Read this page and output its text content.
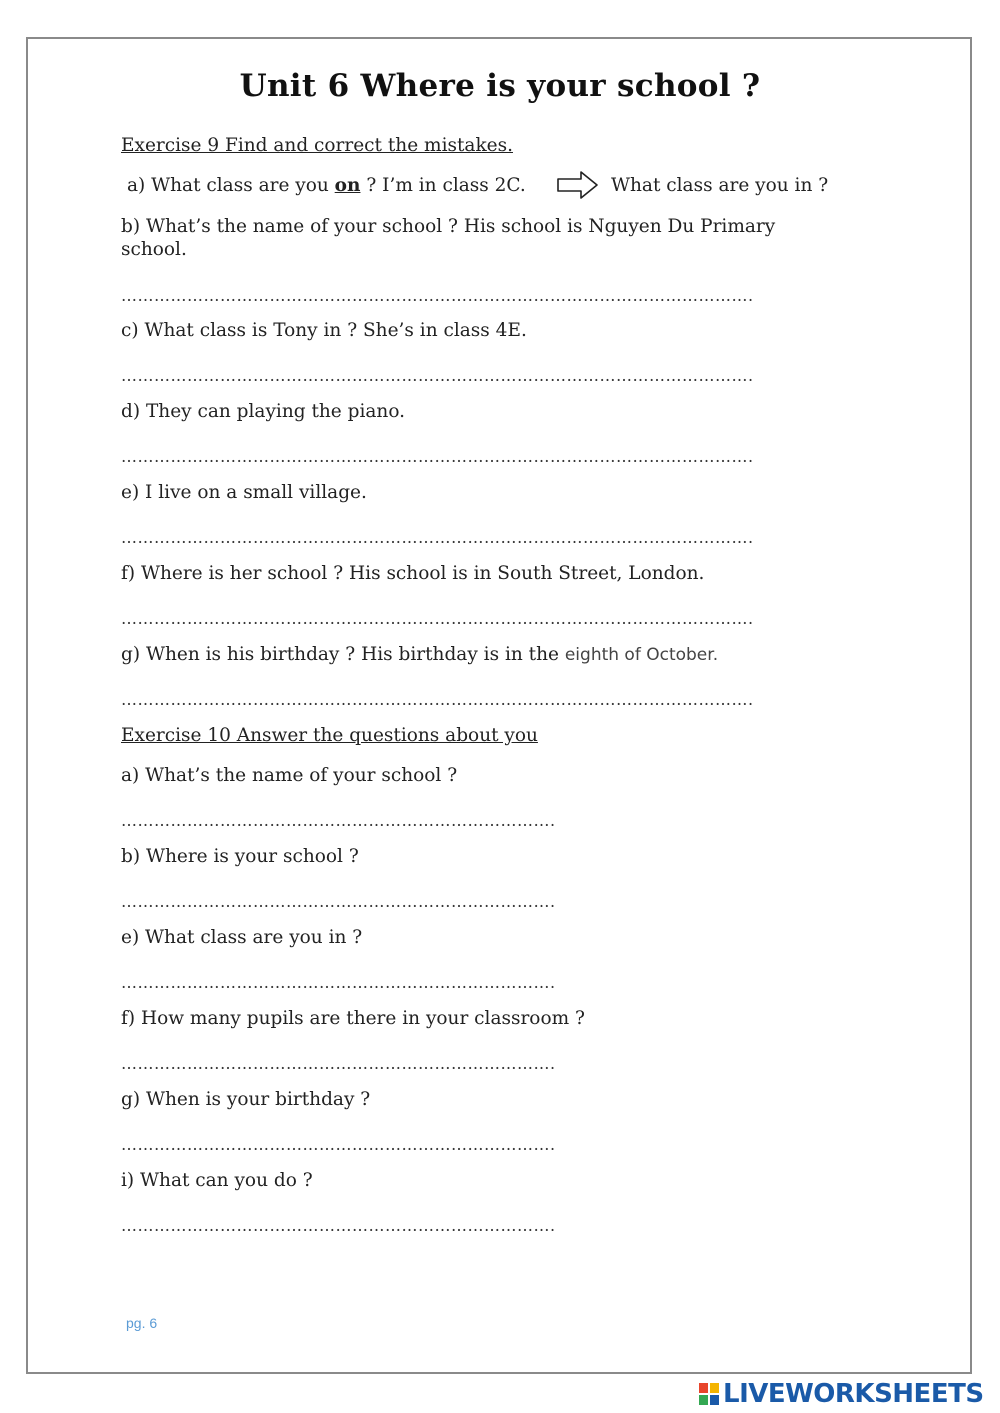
Unit 6 Where is your school ?
Exercise 9 Find and correct the mistakes.
a) What class are you on ? I’m in class 2C.	What class are you in ?
b) What’s the name of your school ? His school is Nguyen Du Primary school.
…………………………………………………………………………………………………….
c) What class is Tony in ? She’s in class 4E.
…………………………………………………………………………………………………….
d) They can playing the piano.
…………………………………………………………………………………………………….
e) I live on a small village.
…………………………………………………………………………………………………….
f) Where is her school ? His school is in South Street, London.
…………………………………………………………………………………………………….
g) When is his birthday ? His birthday is in the eighth of October.
…………………………………………………………………………………………………….
Exercise 10 Answer the questions about you
a) What’s the name of your school ?
…………………………………………………………………….
b) Where is your school ?
…………………………………………………………………….
e) What class are you in ?
…………………………………………………………………….
f) How many pupils are there in your classroom ?
…………………………………………………………………….
g) When is your birthday ?
…………………………………………………………………….
i) What can you do ?
…………………………………………………………………….
pg. 6
LIVEWORKSHEETS
